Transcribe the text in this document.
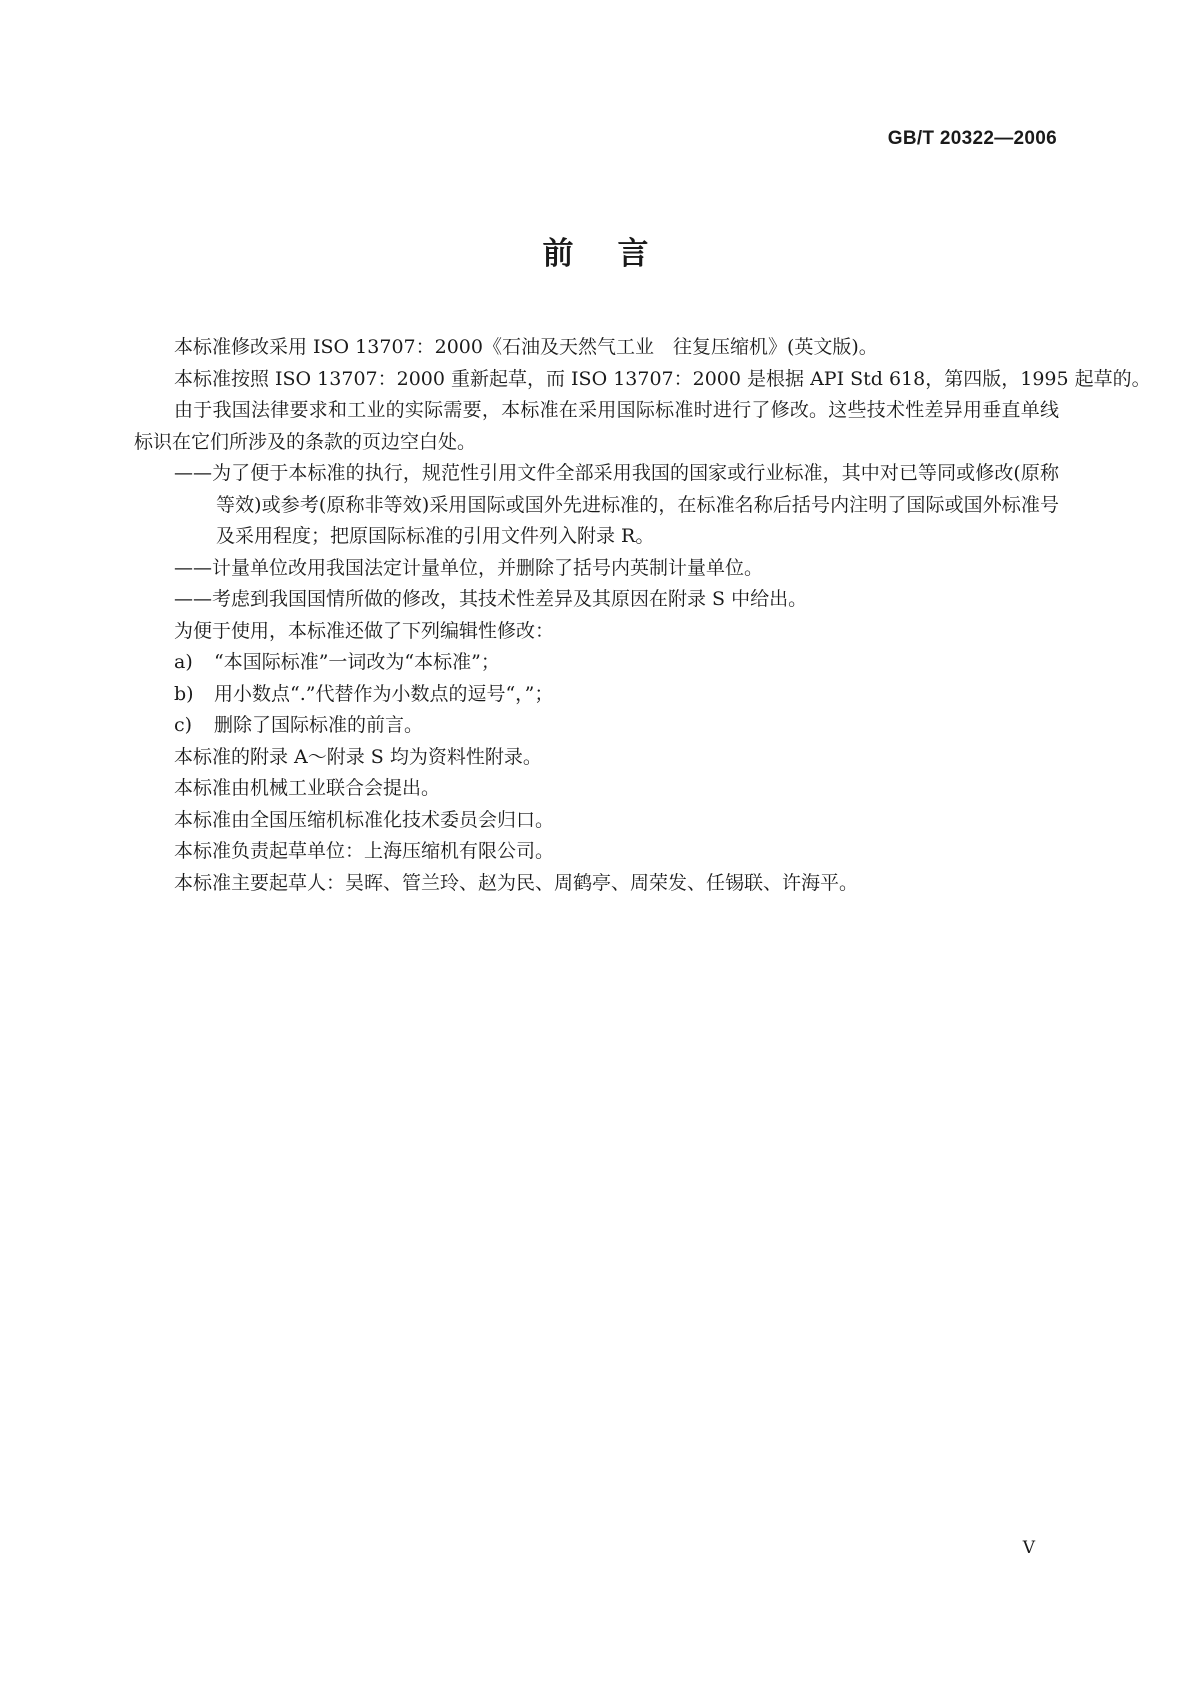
GB/T 20322—2006
前言

本标准修改采用 ISO 13707：2000《石油及天然气工业　往复压缩机》(英文版)。

本标准按照 ISO 13707：2000 重新起草，而 ISO 13707：2000 是根据 API Std 618，第四版，1995 起草的。

由于我国法律要求和工业的实际需要，本标准在采用国际标准时进行了修改。这些技术性差异用垂直单线标识在它们所涉及的条款的页边空白处。

——为了便于本标准的执行，规范性引用文件全部采用我国的国家或行业标准，其中对已等同或修改(原称等效)或参考(原称非等效)采用国际或国外先进标准的，在标准名称后括号内注明了国际或国外标准号及采用程度；把原国际标准的引用文件列入附录 R。

——计量单位改用我国法定计量单位，并删除了括号内英制计量单位。

——考虑到我国国情所做的修改，其技术性差异及其原因在附录 S 中给出。

为便于使用，本标准还做了下列编辑性修改：

a) “本国际标准”一词改为“本标准”；

b) 用小数点“.”代替作为小数点的逗号“，”；

c) 删除了国际标准的前言。

本标准的附录 A～附录 S 均为资料性附录。

本标准由机械工业联合会提出。

本标准由全国压缩机标准化技术委员会归口。

本标准负责起草单位：上海压缩机有限公司。

本标准主要起草人：吴晖、管兰玲、赵为民、周鹤亭、周荣发、任锡联、许海平。

Ⅴ
